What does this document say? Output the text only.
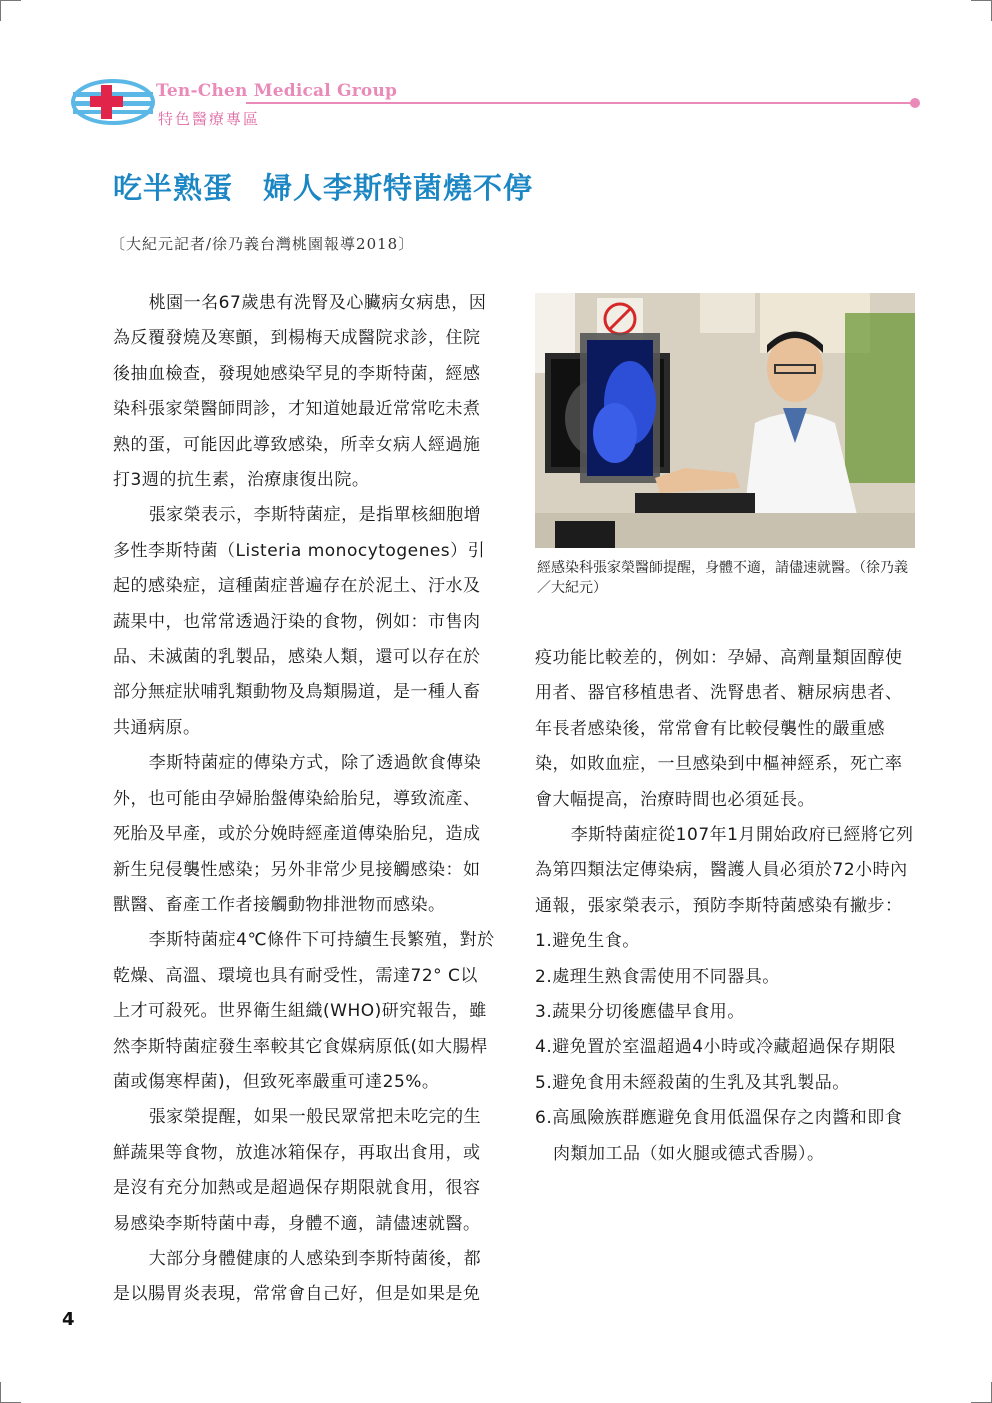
Ten-Chen Medical Group
特色醫療專區
吃半熟蛋　婦人李斯特菌燒不停
〔大紀元記者/徐乃義台灣桃園報導2018〕

桃園一名67歲患有洗腎及心臟病女病患，因為反覆發燒及寒顫，到楊梅天成醫院求診，住院後抽血檢查，發現她感染罕見的李斯特菌，經感染科張家榮醫師問診，才知道她最近常常吃未煮熟的蛋，可能因此導致感染，所幸女病人經過施打3週的抗生素，治療康復出院。

張家榮表示，李斯特菌症，是指單核細胞增多性李斯特菌（Listeria monocytogenes）引起的感染症，這種菌症普遍存在於泥土、汙水及蔬果中，也常常透過汙染的食物，例如：市售肉品、未滅菌的乳製品，感染人類，還可以存在於部分無症狀哺乳類動物及鳥類腸道，是一種人畜共通病原。

李斯特菌症的傳染方式，除了透過飲食傳染外，也可能由孕婦胎盤傳染給胎兒，導致流產、死胎及早產，或於分娩時經產道傳染胎兒，造成新生兒侵襲性感染；另外非常少見接觸感染：如獸醫、畜產工作者接觸動物排泄物而感染。

李斯特菌症4℃條件下可持續生長繁殖，對於乾燥、高溫、環境也具有耐受性，需達72° C以上才可殺死。世界衛生組織(WHO)研究報告，雖然李斯特菌症發生率較其它食媒病原低(如大腸桿菌或傷寒桿菌)，但致死率嚴重可達25%。

張家榮提醒，如果一般民眾常把未吃完的生鮮蔬果等食物，放進冰箱保存，再取出食用，或是沒有充分加熱或是超過保存期限就食用，很容易感染李斯特菌中毒，身體不適，請儘速就醫。

大部分身體健康的人感染到李斯特菌後，都是以腸胃炎表現，常常會自己好，但是如果是免

經感染科張家榮醫師提醒，身體不適，請儘速就醫。（徐乃義／大紀元）

疫功能比較差的，例如：孕婦、高劑量類固醇使用者、器官移植患者、洗腎患者、糖尿病患者、年長者感染後，常常會有比較侵襲性的嚴重感染，如敗血症，一旦感染到中樞神經系，死亡率會大幅提高，治療時間也必須延長。

李斯特菌症從107年1月開始政府已經將它列為第四類法定傳染病，醫護人員必須於72小時內通報，張家榮表示，預防李斯特菌感染有撇步：

1.避免生食。
2.處理生熟食需使用不同器具。
3.蔬果分切後應儘早食用。
4.避免置於室溫超過4小時或冷藏超過保存期限
5.避免食用未經殺菌的生乳及其乳製品。
6.高風險族群應避免食用低溫保存之肉醬和即食
肉類加工品（如火腿或德式香腸）。
4
